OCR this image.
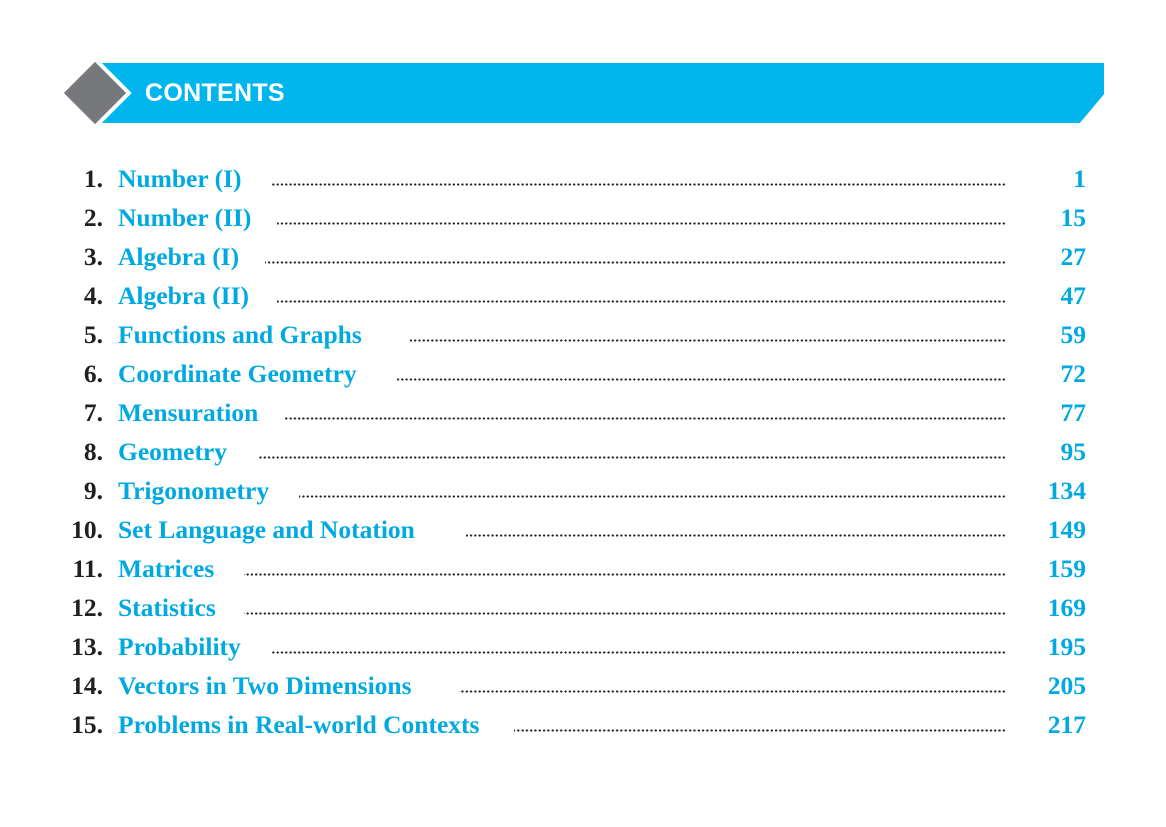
CONTENTS
1. Number (I)	1
2. Number (II)	15
3. Algebra (I)	27
4. Algebra (II)	47
5. Functions and Graphs	59
6. Coordinate Geometry	72
7. Mensuration	77
8. Geometry	95
9. Trigonometry	134
10. Set Language and Notation	149
11. Matrices	159
12. Statistics	169
13. Probability	195
14. Vectors in Two Dimensions	205
15. Problems in Real-world Contexts	217
